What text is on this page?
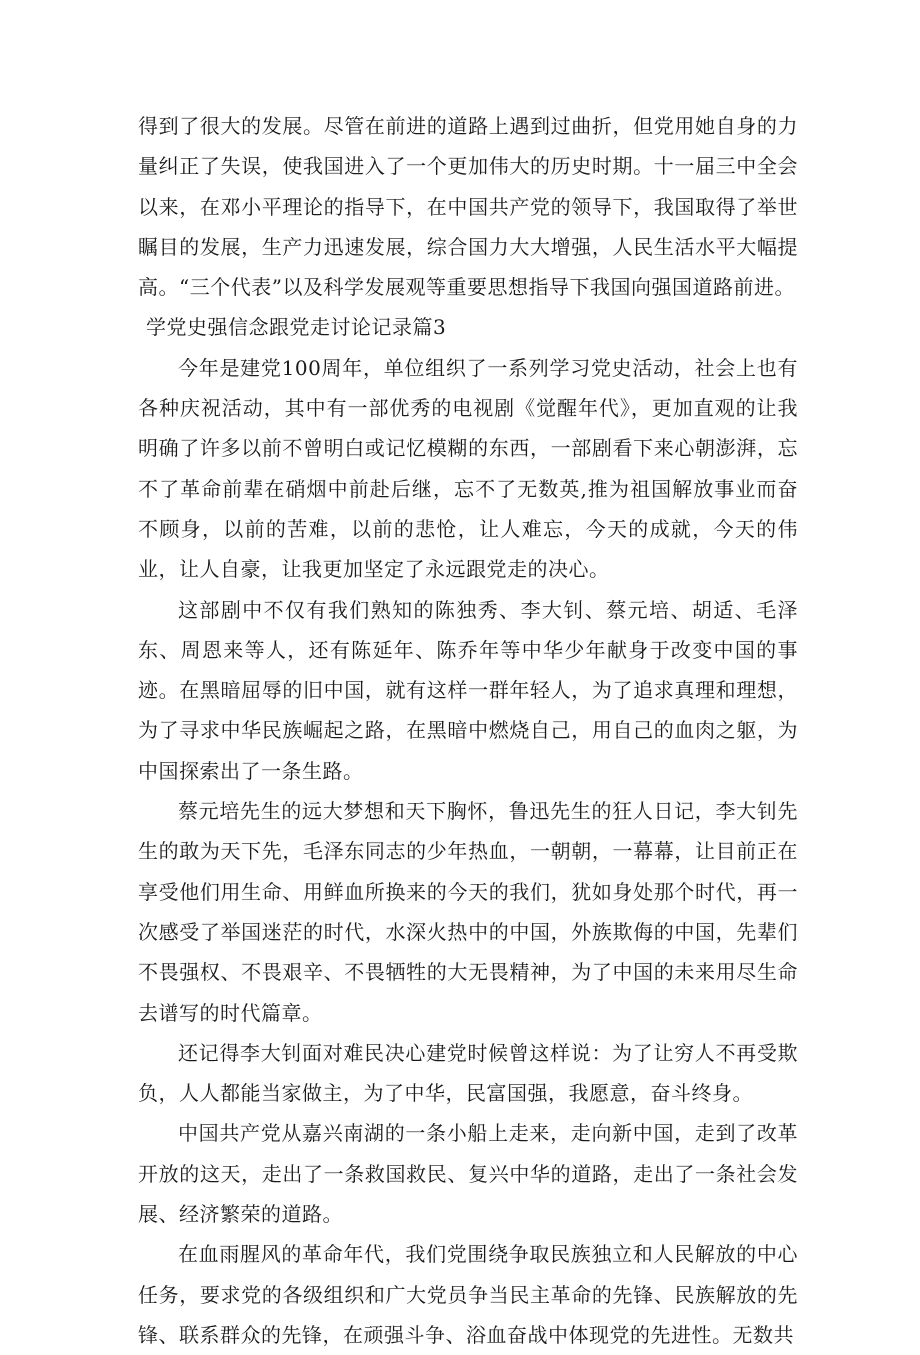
得到了很大的发展。尽管在前进的道路上遇到过曲折，但党用她自身的力量纠正了失误，使我国进入了一个更加伟大的历史时期。十一届三中全会以来，在邓小平理论的指导下，在中国共产党的领导下，我国取得了举世瞩目的发展，生产力迅速发展，综合国力大大增强，人民生活水平大幅提高。“三个代表”以及科学发展观等重要思想指导下我国向强国道路前进。

学党史强信念跟党走讨论记录篇3

今年是建党100周年，单位组织了一系列学习党史活动，社会上也有各种庆祝活动，其中有一部优秀的电视剧《觉醒年代》，更加直观的让我明确了许多以前不曾明白或记忆模糊的东西，一部剧看下来心朝澎湃，忘不了革命前辈在硝烟中前赴后继，忘不了无数英,推为祖国解放事业而奋不顾身，以前的苦难，以前的悲怆，让人难忘，今天的成就，今天的伟业，让人自豪，让我更加坚定了永远跟党走的决心。

这部剧中不仅有我们熟知的陈独秀、李大钊、蔡元培、胡适、毛泽东、周恩来等人，还有陈延年、陈乔年等中华少年献身于改变中国的事迹。在黑暗屈辱的旧中国，就有这样一群年轻人，为了追求真理和理想，为了寻求中华民族崛起之路，在黑暗中燃烧自己，用自己的血肉之躯，为中国探索出了一条生路。

蔡元培先生的远大梦想和天下胸怀，鲁迅先生的狂人日记，李大钊先生的敢为天下先，毛泽东同志的少年热血，一朝朝，一幕幕，让目前正在享受他们用生命、用鲜血所换来的今天的我们，犹如身处那个时代，再一次感受了举国迷茫的时代，水深火热中的中国，外族欺侮的中国，先辈们不畏强权、不畏艰辛、不畏牺牲的大无畏精神，为了中国的未来用尽生命去谱写的时代篇章。

还记得李大钊面对难民决心建党时候曾这样说：为了让穷人不再受欺负，人人都能当家做主，为了中华，民富国强，我愿意，奋斗终身。

中国共产党从嘉兴南湖的一条小船上走来，走向新中国，走到了改革开放的这天，走出了一条救国救民、复兴中华的道路，走出了一条社会发展、经济繁荣的道路。

在血雨腥风的革命年代，我们党围绕争取民族独立和人民解放的中心任务，要求党的各级组织和广大党员争当民主革命的先锋、民族解放的先锋、联系群众的先锋，在顽强斗争、浴血奋战中体现党的先进性。无数共
